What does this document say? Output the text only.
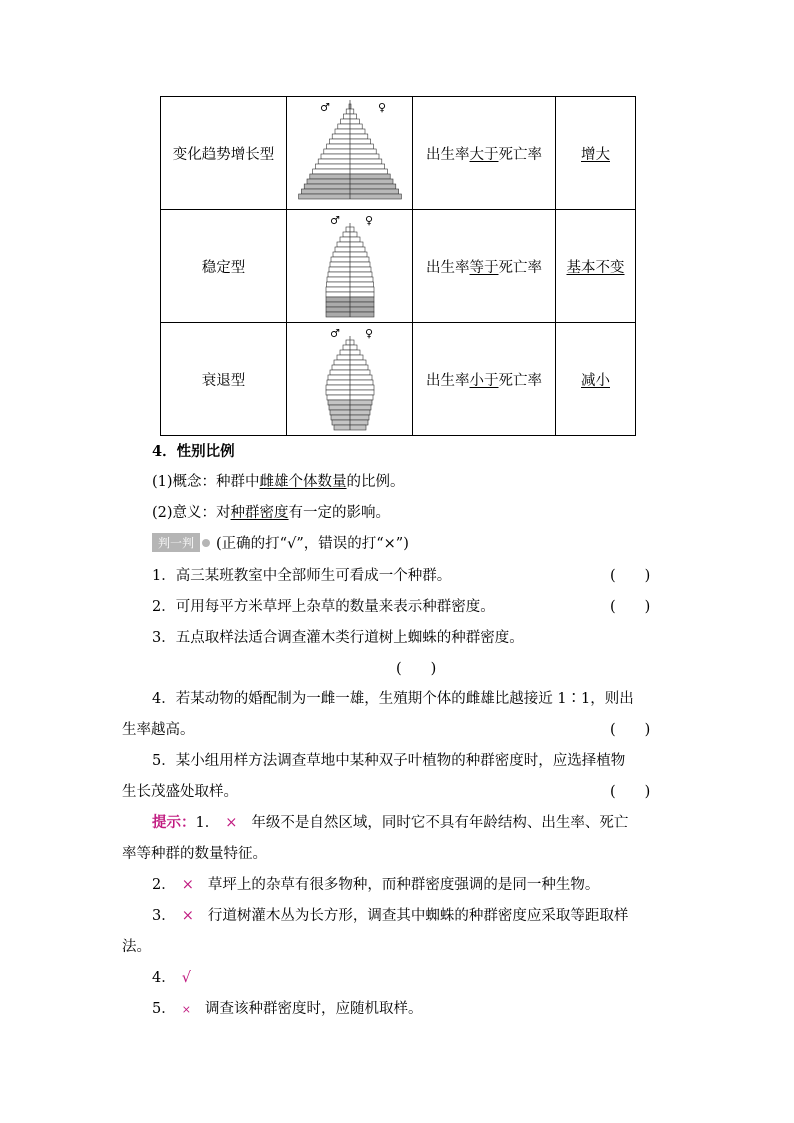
变化趋势增长型	♂ ♀	出生率大于死亡率	增大
稳定型	♂ ♀	出生率等于死亡率	基本不变
衰退型	♂ ♀	出生率小于死亡率	减小
4．性别比例
(1)概念：种群中雌雄个体数量的比例。
(2)意义：对种群密度有一定的影响。
判一判 (正确的打“√”，错误的打“×”)
1．高三某班教室中全部师生可看成一个种群。	(　　)
2．可用每平方米草坪上杂草的数量来表示种群密度。	(　　)
3．五点取样法适合调查灌木类行道树上蜘蛛的种群密度。
(　　)
4．若某动物的婚配制为一雌一雄，生殖期个体的雌雄比越接近 1∶1，则出
生率越高。	(　　)
5．某小组用样方法调查草地中某种双子叶植物的种群密度时，应选择植物
生长茂盛处取样。	(　　)
提示：1． × 年级不是自然区域，同时它不具有年龄结构、出生率、死亡
率等种群的数量特征。
2． × 草坪上的杂草有很多物种，而种群密度强调的是同一种生物。
3． × 行道树灌木丛为长方形，调查其中蜘蛛的种群密度应采取等距取样
法。
4． √
5． × 调查该种群密度时，应随机取样。
